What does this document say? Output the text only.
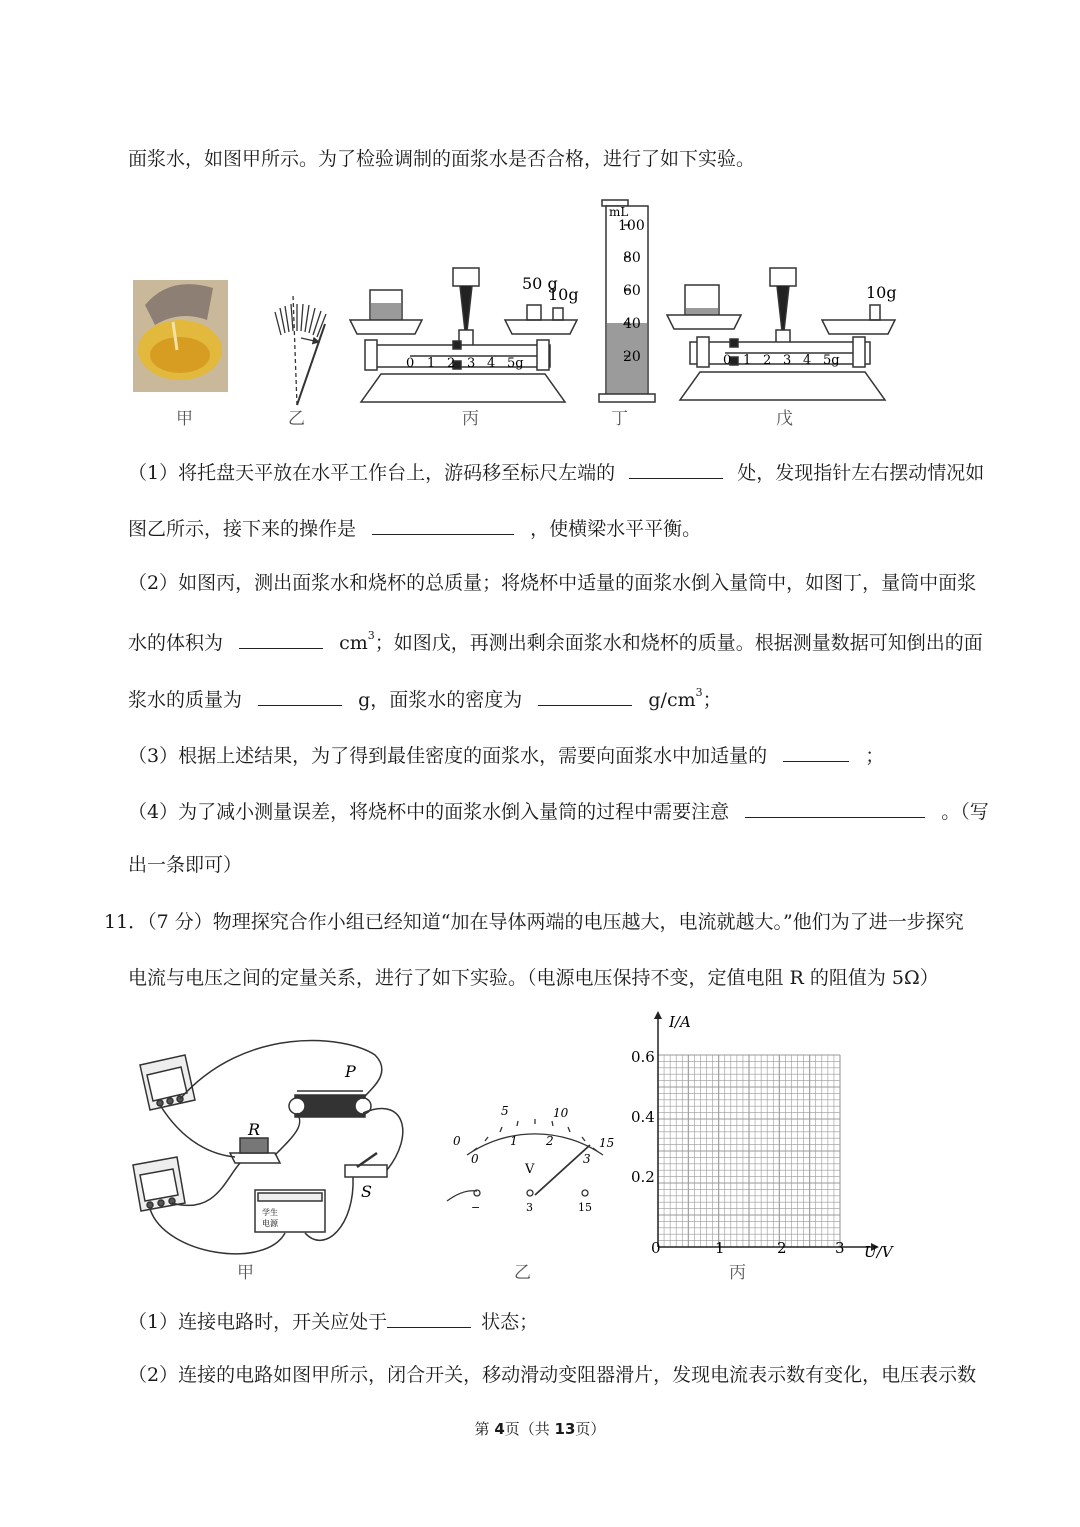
面浆水，如图甲所示。为了检验调制的面浆水是否合格，进行了如下实验。
50 g
10g
0 1 2 3 4 5g
mL
100
80
60
40
20
10g
0 1 2 3 4 5g
甲	乙	丙	丁	戊
（1）将托盘天平放在水平工作台上，游码移至标尺左端的	处，发现指针左右摆动情况如
图乙所示，接下来的操作是	，使横梁水平平衡。
（2）如图丙，测出面浆水和烧杯的总质量；将烧杯中适量的面浆水倒入量筒中，如图丁，量筒中面浆
水的体积为	$cm^3$；如图戊，再测出剩余面浆水和烧杯的质量。根据测量数据可知倒出的面
浆水的质量为	g，面浆水的密度为	$g/cm^3$；
（3）根据上述结果，为了得到最佳密度的面浆水，需要向面浆水中加适量的	；
（4）为了减小测量误差，将烧杯中的面浆水倒入量筒的过程中需要注意	。（写
出一条即可）
11．（7 分）物理探究合作小组已经知道“加在导体两端的电压越大，电流就越大。”他们为了进一步探究
电流与电压之间的定量关系，进行了如下实验。（电源电压保持不变，定值电阻 R 的阻值为 5Ω）
R
P
S
学生
电源
0
5	10
15
0
1 2
3
V
−	3	15
I/A
U/V
0.6
0.4
0.2
0	1	2	3
甲	乙	丙
（1）连接电路时，开关应处于	状态；
（2）连接的电路如图甲所示，闭合开关，移动滑动变阻器滑片，发现电流表示数有变化，电压表示数
第 4页（共 13页）
